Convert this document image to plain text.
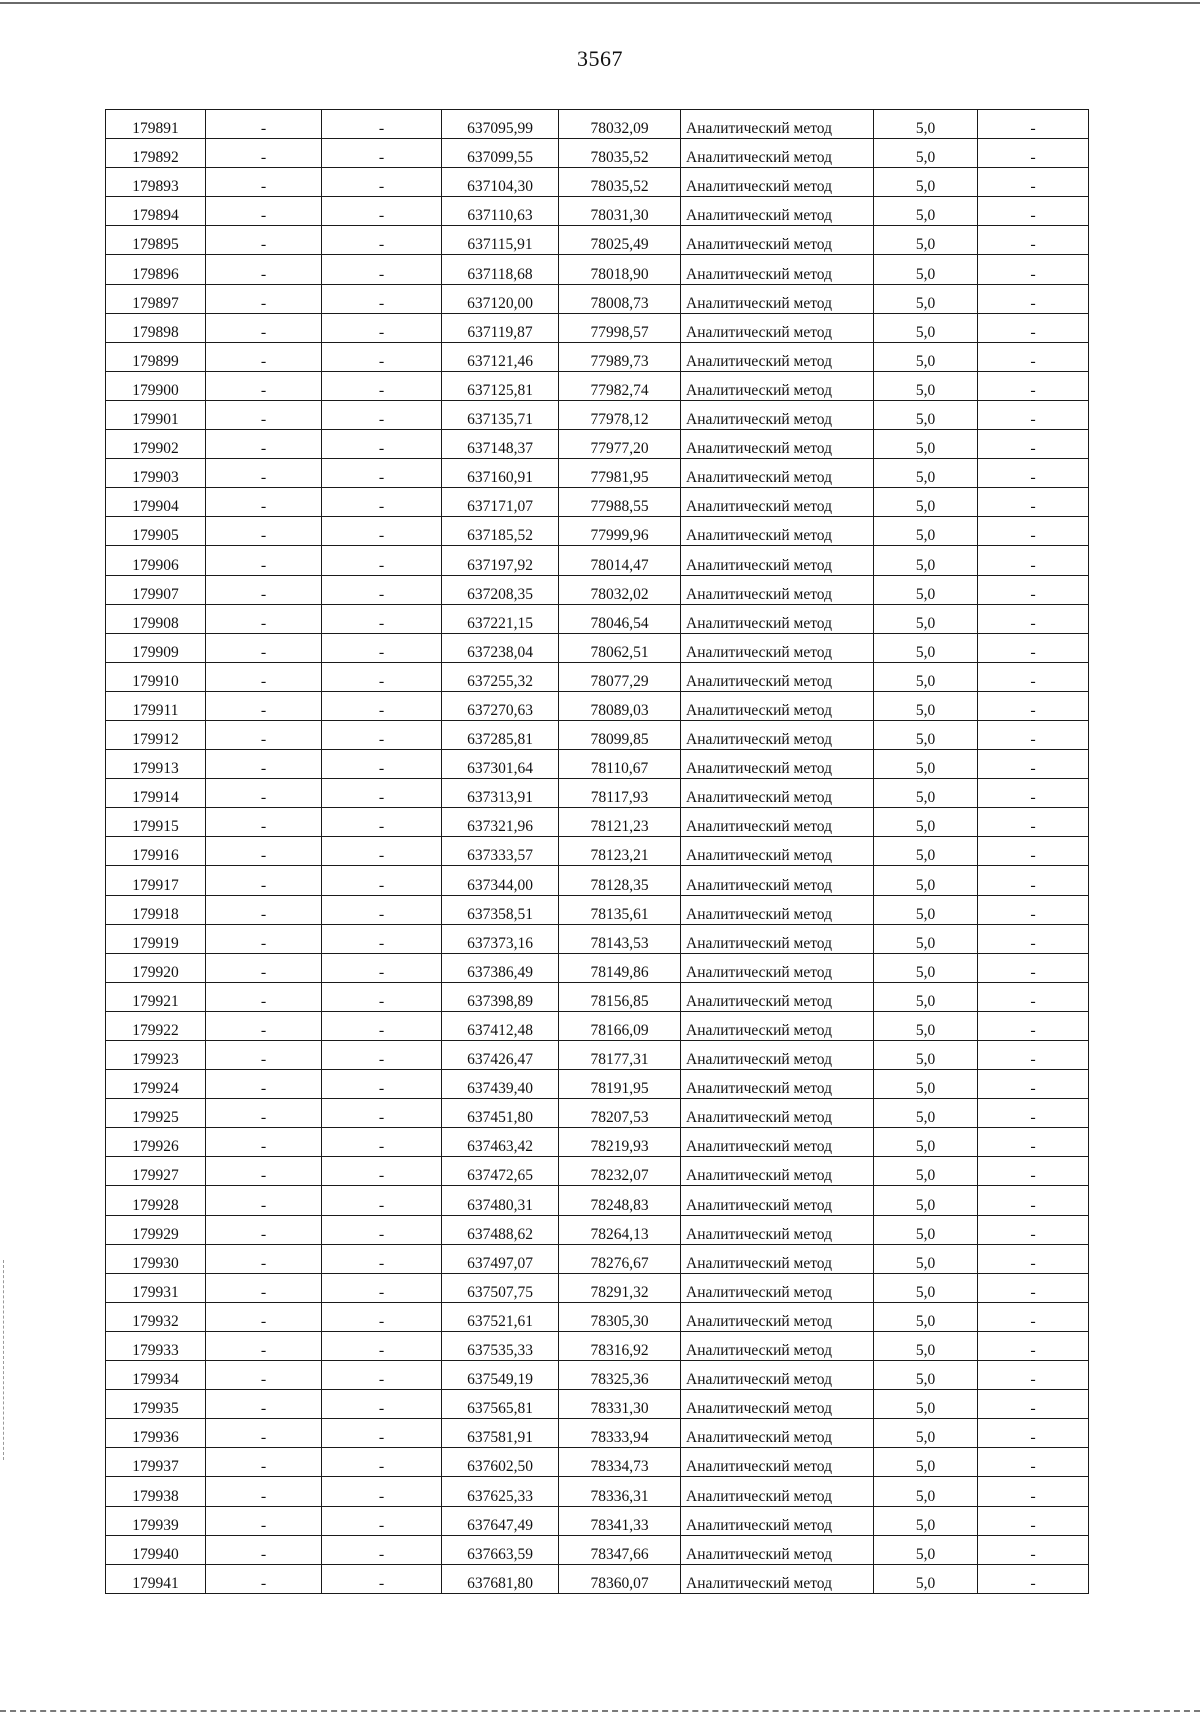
3567
179891	-	-	637095,99	78032,09	Аналитический метод	5,0	-
179892	-	-	637099,55	78035,52	Аналитический метод	5,0	-
179893	-	-	637104,30	78035,52	Аналитический метод	5,0	-
179894	-	-	637110,63	78031,30	Аналитический метод	5,0	-
179895	-	-	637115,91	78025,49	Аналитический метод	5,0	-
179896	-	-	637118,68	78018,90	Аналитический метод	5,0	-
179897	-	-	637120,00	78008,73	Аналитический метод	5,0	-
179898	-	-	637119,87	77998,57	Аналитический метод	5,0	-
179899	-	-	637121,46	77989,73	Аналитический метод	5,0	-
179900	-	-	637125,81	77982,74	Аналитический метод	5,0	-
179901	-	-	637135,71	77978,12	Аналитический метод	5,0	-
179902	-	-	637148,37	77977,20	Аналитический метод	5,0	-
179903	-	-	637160,91	77981,95	Аналитический метод	5,0	-
179904	-	-	637171,07	77988,55	Аналитический метод	5,0	-
179905	-	-	637185,52	77999,96	Аналитический метод	5,0	-
179906	-	-	637197,92	78014,47	Аналитический метод	5,0	-
179907	-	-	637208,35	78032,02	Аналитический метод	5,0	-
179908	-	-	637221,15	78046,54	Аналитический метод	5,0	-
179909	-	-	637238,04	78062,51	Аналитический метод	5,0	-
179910	-	-	637255,32	78077,29	Аналитический метод	5,0	-
179911	-	-	637270,63	78089,03	Аналитический метод	5,0	-
179912	-	-	637285,81	78099,85	Аналитический метод	5,0	-
179913	-	-	637301,64	78110,67	Аналитический метод	5,0	-
179914	-	-	637313,91	78117,93	Аналитический метод	5,0	-
179915	-	-	637321,96	78121,23	Аналитический метод	5,0	-
179916	-	-	637333,57	78123,21	Аналитический метод	5,0	-
179917	-	-	637344,00	78128,35	Аналитический метод	5,0	-
179918	-	-	637358,51	78135,61	Аналитический метод	5,0	-
179919	-	-	637373,16	78143,53	Аналитический метод	5,0	-
179920	-	-	637386,49	78149,86	Аналитический метод	5,0	-
179921	-	-	637398,89	78156,85	Аналитический метод	5,0	-
179922	-	-	637412,48	78166,09	Аналитический метод	5,0	-
179923	-	-	637426,47	78177,31	Аналитический метод	5,0	-
179924	-	-	637439,40	78191,95	Аналитический метод	5,0	-
179925	-	-	637451,80	78207,53	Аналитический метод	5,0	-
179926	-	-	637463,42	78219,93	Аналитический метод	5,0	-
179927	-	-	637472,65	78232,07	Аналитический метод	5,0	-
179928	-	-	637480,31	78248,83	Аналитический метод	5,0	-
179929	-	-	637488,62	78264,13	Аналитический метод	5,0	-
179930	-	-	637497,07	78276,67	Аналитический метод	5,0	-
179931	-	-	637507,75	78291,32	Аналитический метод	5,0	-
179932	-	-	637521,61	78305,30	Аналитический метод	5,0	-
179933	-	-	637535,33	78316,92	Аналитический метод	5,0	-
179934	-	-	637549,19	78325,36	Аналитический метод	5,0	-
179935	-	-	637565,81	78331,30	Аналитический метод	5,0	-
179936	-	-	637581,91	78333,94	Аналитический метод	5,0	-
179937	-	-	637602,50	78334,73	Аналитический метод	5,0	-
179938	-	-	637625,33	78336,31	Аналитический метод	5,0	-
179939	-	-	637647,49	78341,33	Аналитический метод	5,0	-
179940	-	-	637663,59	78347,66	Аналитический метод	5,0	-
179941	-	-	637681,80	78360,07	Аналитический метод	5,0	-
